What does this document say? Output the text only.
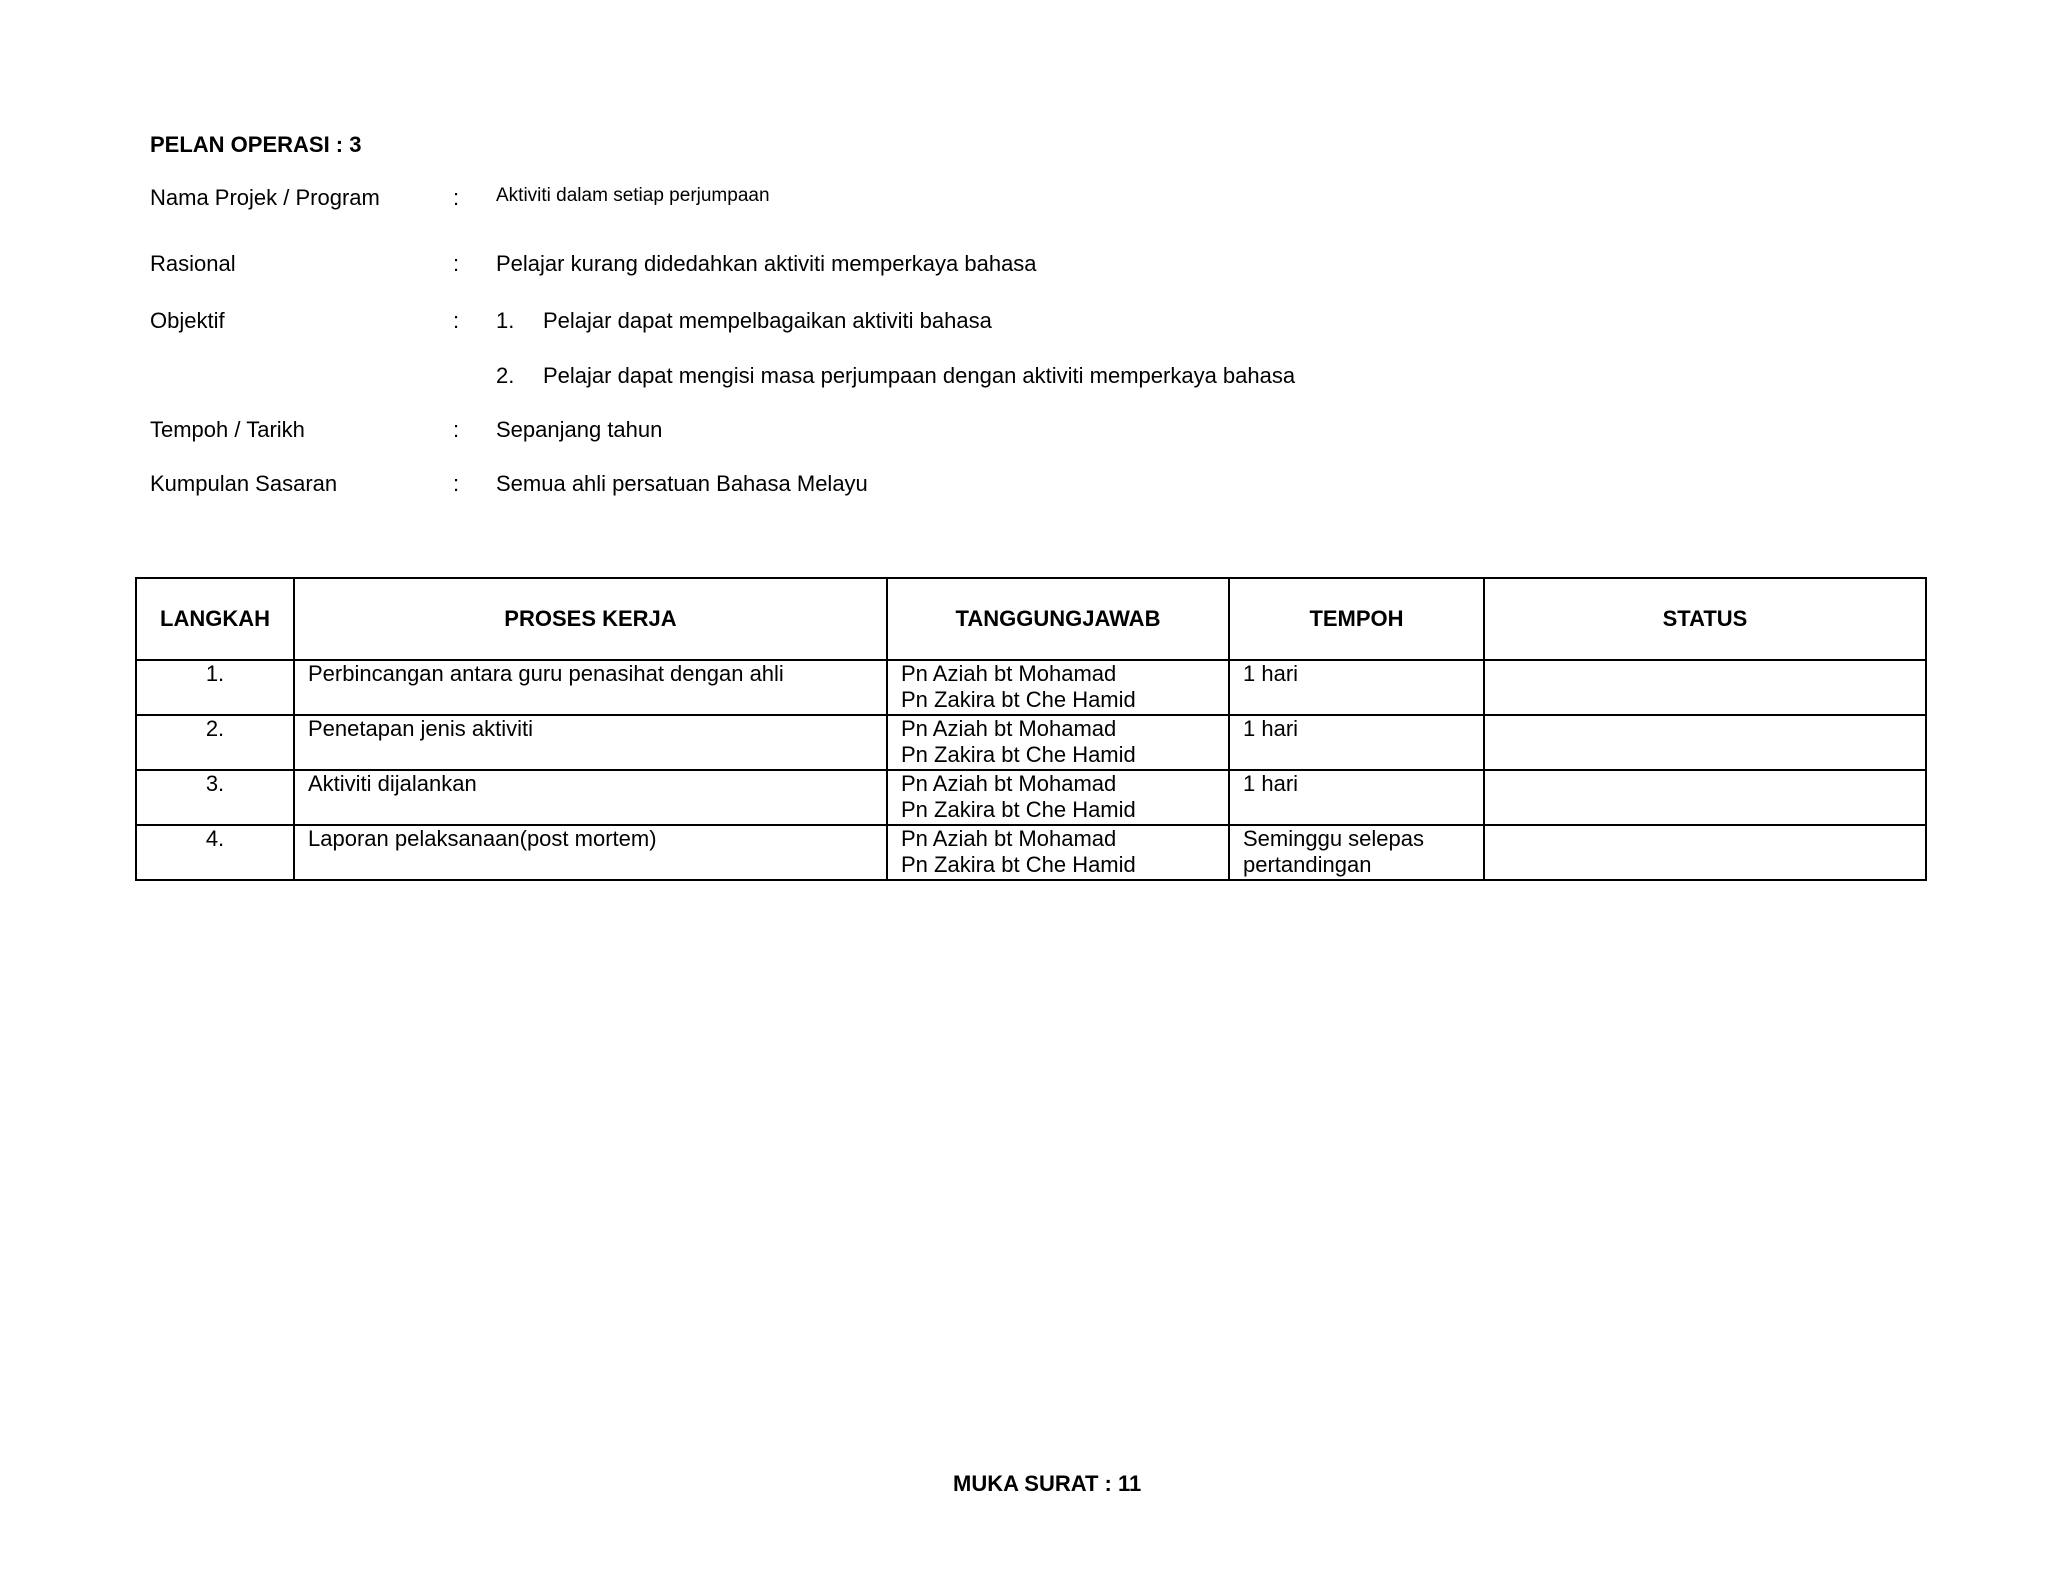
PELAN OPERASI : 3
Nama Projek / Program	: Aktiviti dalam setiap perjumpaan
Rasional	: Pelajar kurang didedahkan aktiviti memperkaya bahasa
Objektif	: 1. Pelajar dapat mempelbagaikan aktiviti bahasa
2. Pelajar dapat mengisi masa perjumpaan dengan aktiviti memperkaya bahasa
Tempoh / Tarikh	: Sepanjang tahun
Kumpulan Sasaran	: Semua ahli persatuan Bahasa Melayu
LANGKAH	PROSES KERJA	TANGGUNGJAWAB	TEMPOH	STATUS
1.	Perbincangan antara guru penasihat dengan ahli	Pn Aziah bt Mohamad
Pn Zakira bt Che Hamid	1 hari	

2.	Penetapan jenis aktiviti	Pn Aziah bt Mohamad
Pn Zakira bt Che Hamid	1 hari	

3.	Aktiviti dijalankan	Pn Aziah bt Mohamad
Pn Zakira bt Che Hamid	1 hari	

4.	Laporan pelaksanaan(post mortem)	Pn Aziah bt Mohamad
Pn Zakira bt Che Hamid	Seminggu selepas
pertandingan	

MUKA SURAT : 11
